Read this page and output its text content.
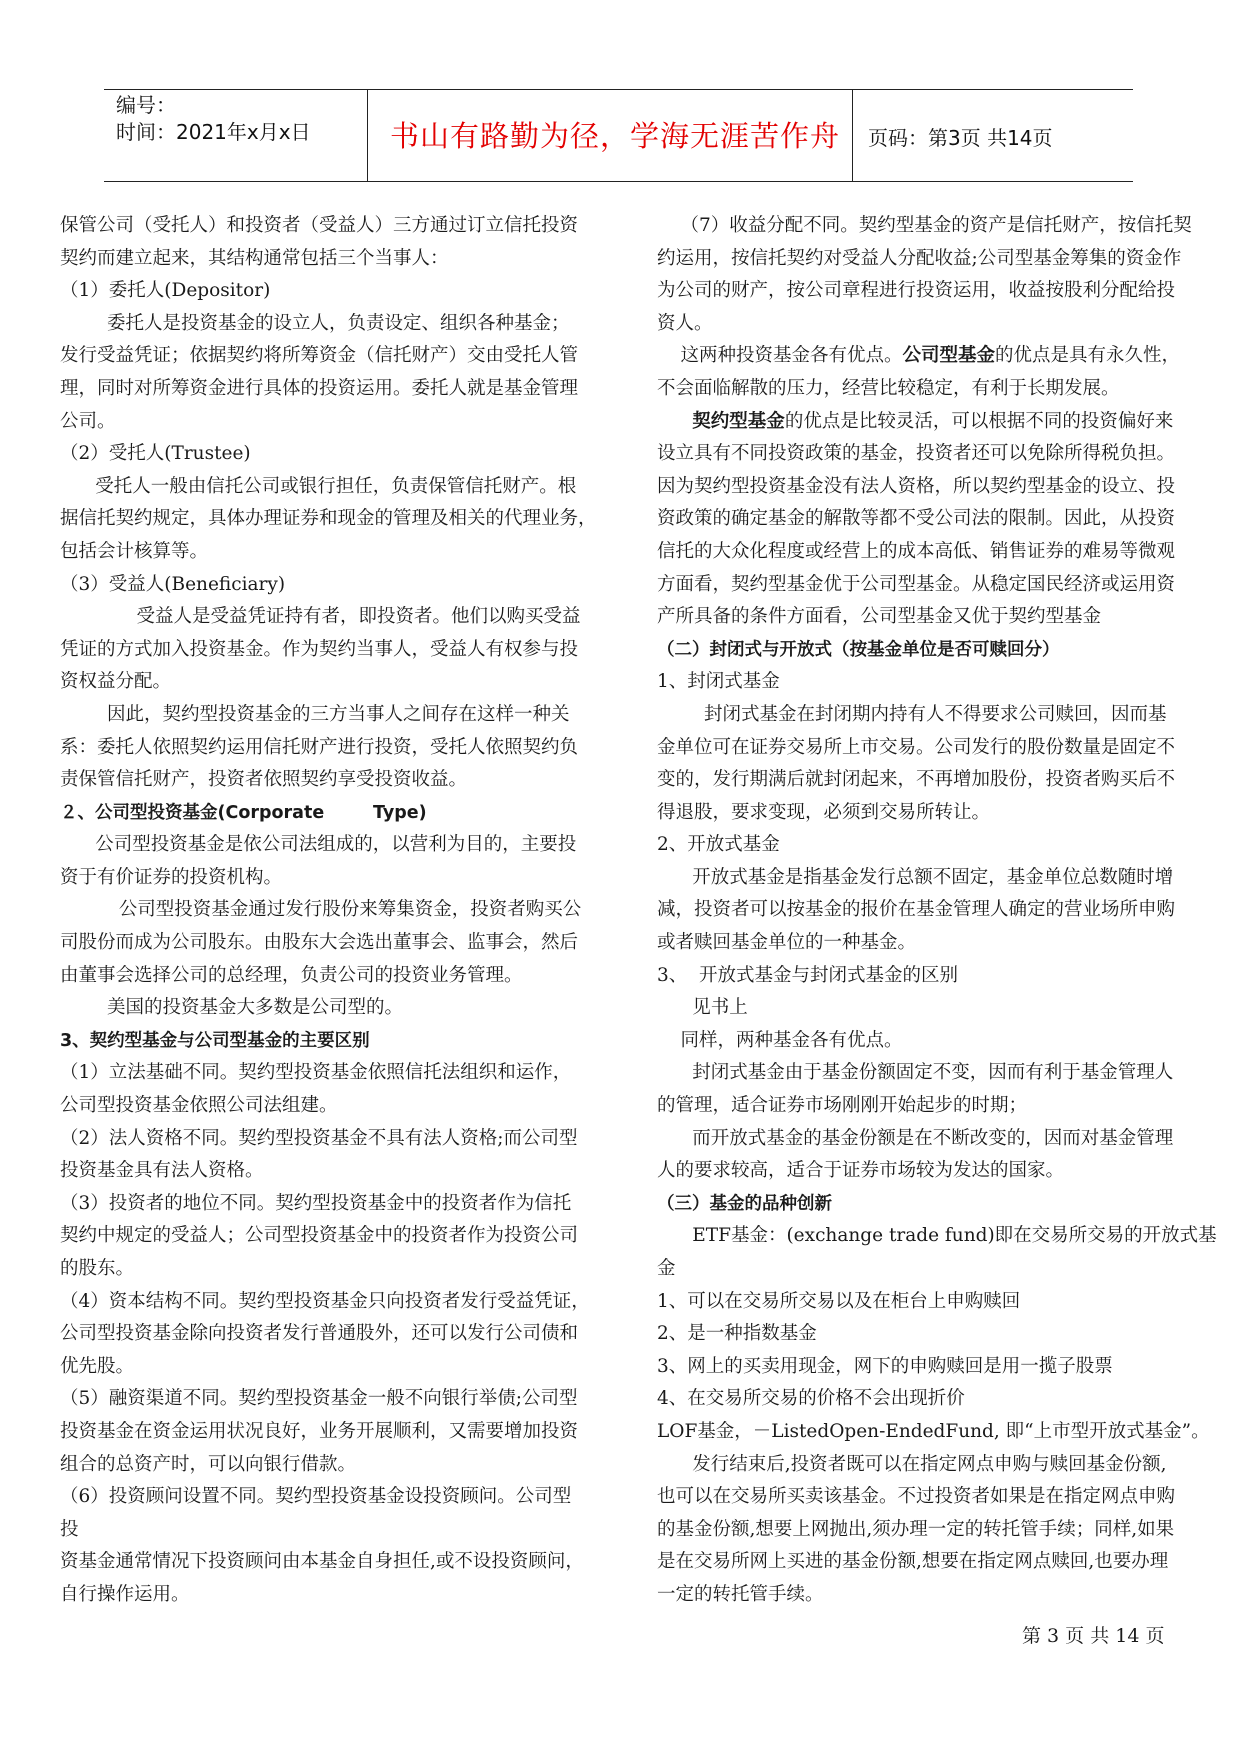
编号：
时间：2021年x月x日	书山有路勤为径，学海无涯苦作舟 页码：第3页 共14页

保管公司（受托人）和投资者（受益人）三方通过订立信托投资

契约而建立起来，其结构通常包括三个当事人：

（1）委托人(Depositor)

委托人是投资基金的设立人，负责设定、组织各种基金；

发行受益凭证；依据契约将所筹资金（信托财产）交由受托人管

理，同时对所筹资金进行具体的投资运用。委托人就是基金管理

公司。

（2）受托人(Trustee)

受托人一般由信托公司或银行担任，负责保管信托财产。根

据信托契约规定，具体办理证券和现金的管理及相关的代理业务，

包括会计核算等。

（3）受益人(Beneficiary)

受益人是受益凭证持有者，即投资者。他们以购买受益

凭证的方式加入投资基金。作为契约当事人，受益人有权参与投

资权益分配。

因此，契约型投资基金的三方当事人之间存在这样一种关

系：委托人依照契约运用信托财产进行投资，受托人依照契约负

责保管信托财产，投资者依照契约享受投资收益。

２、公司型投资基金(Corporate        Type)

公司型投资基金是依公司法组成的，以营利为目的，主要投

资于有价证券的投资机构。

公司型投资基金通过发行股份来筹集资金，投资者购买公

司股份而成为公司股东。由股东大会选出董事会、监事会，然后

由董事会选择公司的总经理，负责公司的投资业务管理。

美国的投资基金大多数是公司型的。

3、契约型基金与公司型基金的主要区别

（1）立法基础不同。契约型投资基金依照信托法组织和运作，

公司型投资基金依照公司法组建。

（2）法人资格不同。契约型投资基金不具有法人资格;而公司型

投资基金具有法人资格。

（3）投资者的地位不同。契约型投资基金中的投资者作为信托

契约中规定的受益人；公司型投资基金中的投资者作为投资公司

的股东。

（4）资本结构不同。契约型投资基金只向投资者发行受益凭证，

公司型投资基金除向投资者发行普通股外，还可以发行公司债和

优先股。

（5）融资渠道不同。契约型投资基金一般不向银行举债;公司型

投资基金在资金运用状况良好，业务开展顺利，又需要增加投资

组合的总资产时，可以向银行借款。

（6）投资顾问设置不同。契约型投资基金设投资顾问。公司型

投

资基金通常情况下投资顾问由本基金自身担任,或不设投资顾问，

自行操作运用。

（7）收益分配不同。契约型基金的资产是信托财产，按信托契

约运用，按信托契约对受益人分配收益;公司型基金筹集的资金作

为公司的财产，按公司章程进行投资运用，收益按股利分配给投

资人。

这两种投资基金各有优点。公司型基金的优点是具有永久性，

不会面临解散的压力，经营比较稳定，有利于长期发展。

契约型基金的优点是比较灵活，可以根据不同的投资偏好来

设立具有不同投资政策的基金，投资者还可以免除所得税负担。

因为契约型投资基金没有法人资格，所以契约型基金的设立、投

资政策的确定基金的解散等都不受公司法的限制。因此，从投资

信托的大众化程度或经营上的成本高低、销售证券的难易等微观

方面看，契约型基金优于公司型基金。从稳定国民经济或运用资

产所具备的条件方面看，公司型基金又优于契约型基金

（二）封闭式与开放式（按基金单位是否可赎回分）

1、封闭式基金

封闭式基金在封闭期内持有人不得要求公司赎回，因而基

金单位可在证券交易所上市交易。公司发行的股份数量是固定不

变的，发行期满后就封闭起来，不再增加股份，投资者购买后不

得退股，要求变现，必须到交易所转让。

2、开放式基金

开放式基金是指基金发行总额不固定，基金单位总数随时增

减，投资者可以按基金的报价在基金管理人确定的营业场所申购

或者赎回基金单位的一种基金。

3、  开放式基金与封闭式基金的区别

见书上

同样，两种基金各有优点。

封闭式基金由于基金份额固定不变，因而有利于基金管理人

的管理，适合证券市场刚刚开始起步的时期；

而开放式基金的基金份额是在不断改变的，因而对基金管理

人的要求较高，适合于证券市场较为发达的国家。

（三）基金的品种创新

ETF基金：(exchange trade fund)即在交易所交易的开放式基

金

1、可以在交易所交易以及在柜台上申购赎回

2、是一种指数基金

3、网上的买卖用现金，网下的申购赎回是用一揽子股票

4、在交易所交易的价格不会出现折价

LOF基金，－ListedOpen-EndedFund, 即“上市型开放式基金”。

发行结束后,投资者既可以在指定网点申购与赎回基金份额,

也可以在交易所买卖该基金。不过投资者如果是在指定网点申购

的基金份额,想要上网抛出,须办理一定的转托管手续；同样,如果

是在交易所网上买进的基金份额,想要在指定网点赎回,也要办理

一定的转托管手续。

第 3 页 共 14 页
